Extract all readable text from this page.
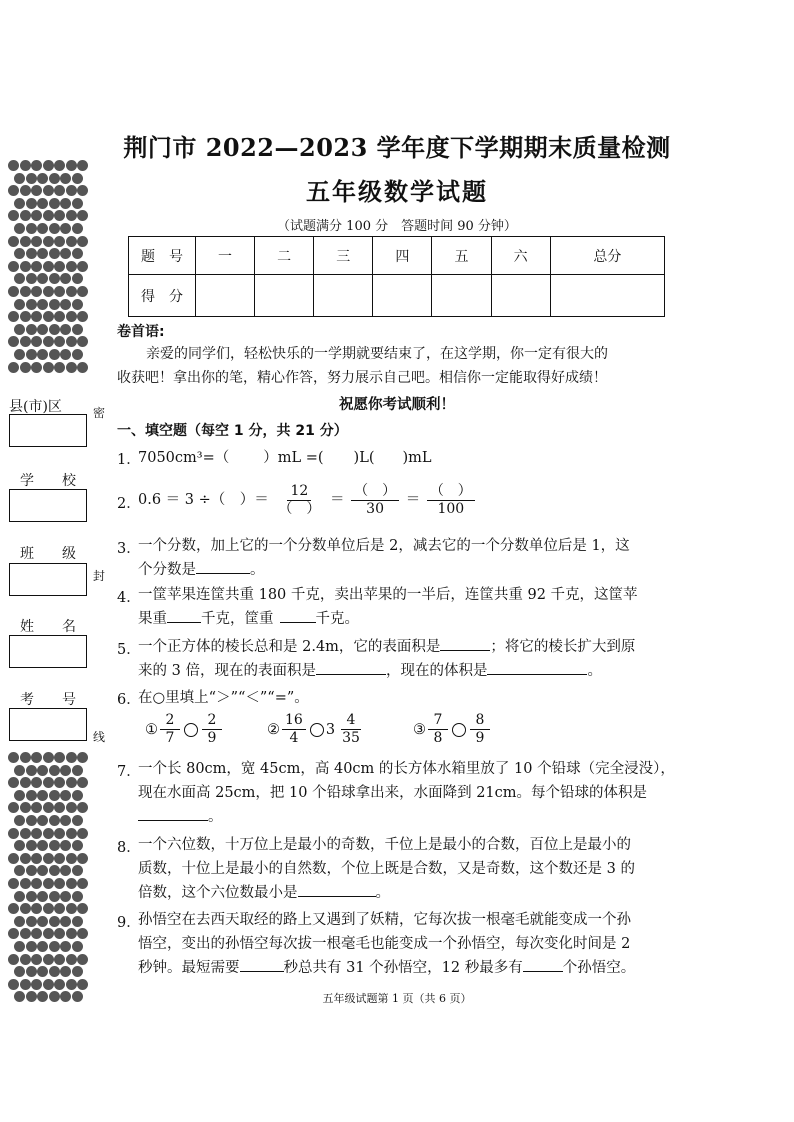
县(市)区
学 校
班 级
姓 名
考 号
密
封
线
荆门市 2022—2023 学年度下学期期末质量检测
五年级数学试题
（试题满分 100 分　答题时间 90 分钟）
题　号	一	二	三	四	五	六	总分
得　分							
卷首语:
亲爱的同学们，轻松快乐的一学期就要结束了，在这学期，你一定有很大的
收获吧！拿出你的笔，精心作答，努力展示自己吧。相信你一定能取得好成绩！
祝愿你考试顺利！
一、填空题（每空 1 分，共 21 分）
1．
7050cm³=（ ）mL =( )L( )mL
2．
0.6 ＝ 3 ÷（　）＝ $\frac{12}{( )} = \frac{( )}{30} = \frac{( )}{100}$
3．
一个分数，加上它的一个分数单位后是 2，减去它的一个分数单位后是 1，这
个分数是	。
4．
一筐苹果连筐共重 180 千克，卖出苹果的一半后，连筐共重 92 千克，这筐苹
果重 千克，筐重	千克。
5．
一个正方体的棱长总和是 2.4m，它的表面积是	；将它的棱长扩大到原
来的 3 倍，现在的表面积是	，现在的体积是	。
6．
在○里填上“＞”“＜”“=”。
① $\frac{2}{7} \frac{2}{9}$	② $\frac{16}{4} 3 \frac{4}{35}$	③ $\frac{7}{8} \frac{8}{9}$
7．
一个长 80cm，宽 45cm，高 40cm 的长方体水箱里放了 10 个铅球（完全浸没），
现在水面高 25cm，把 10 个铅球拿出来，水面降到 21cm。每个铅球的体积是
。
8．
一个六位数，十万位上是最小的奇数，千位上是最小的合数，百位上是最小的
质数，十位上是最小的自然数，个位上既是合数，又是奇数，这个数还是 3 的
倍数，这个六位数最小是	。
9．
孙悟空在去西天取经的路上又遇到了妖精，它每次拔一根毫毛就能变成一个孙
悟空，变出的孙悟空每次拔一根毫毛也能变成一个孙悟空，每次变化时间是 2
秒钟。最短需要	秒总共有 31 个孙悟空，12 秒最多有	个孙悟空。
五年级试题第 1 页（共 6 页）
